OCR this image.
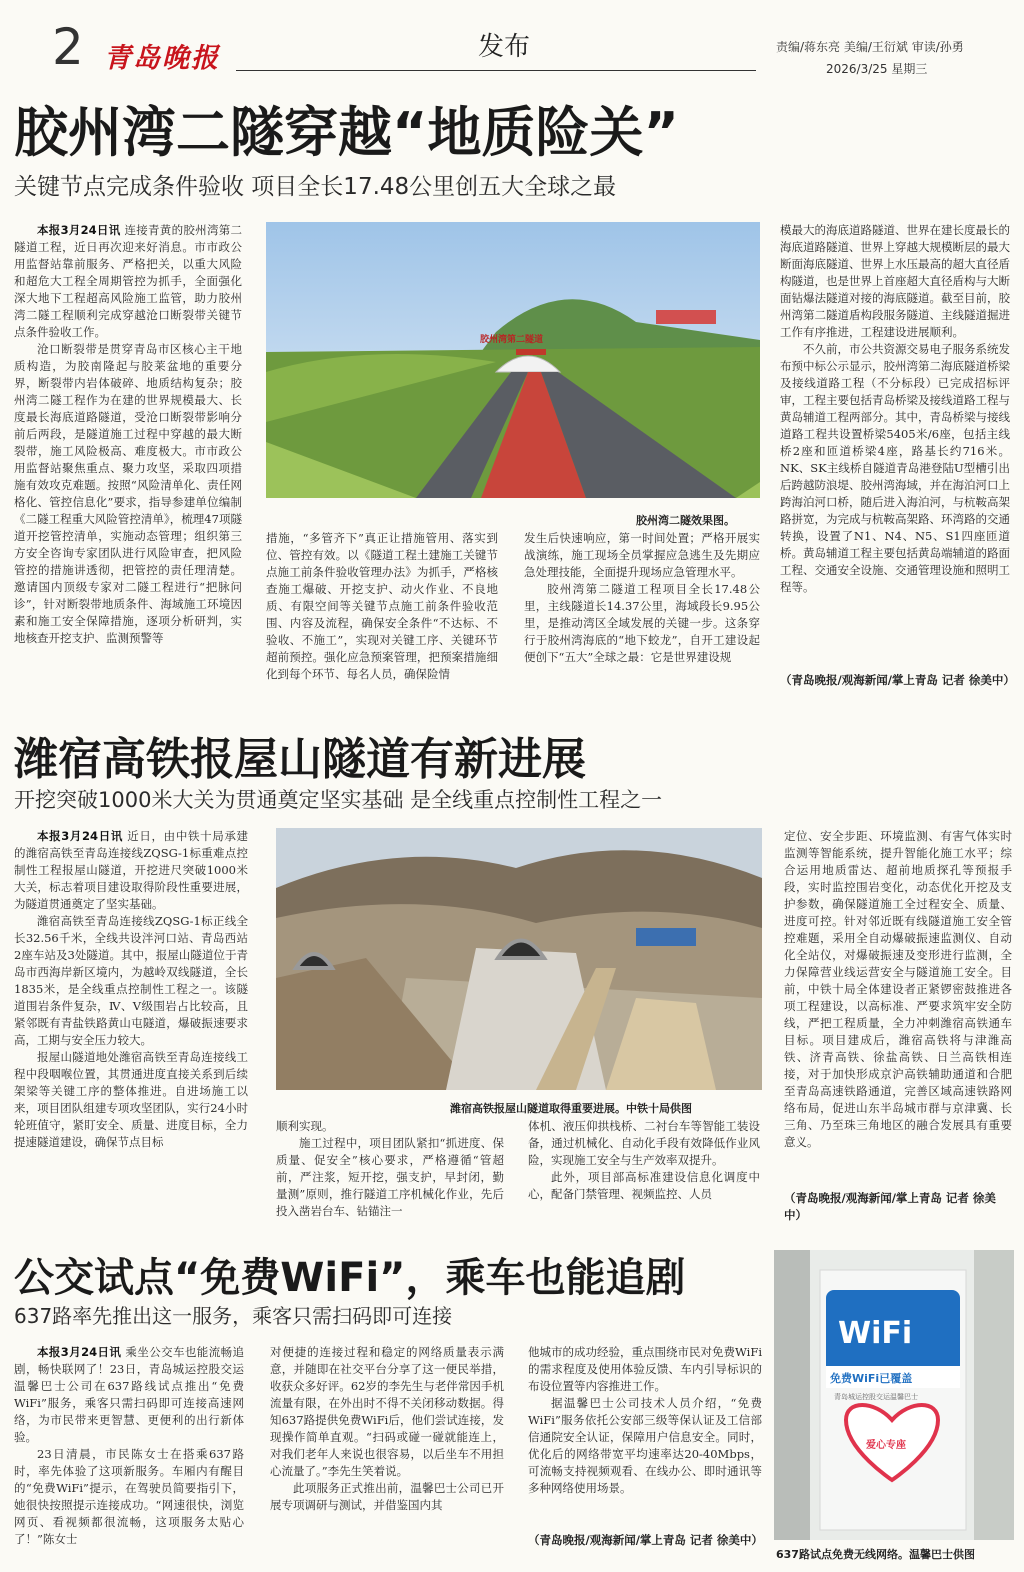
2 青岛晚报	发布	责编/蒋东亮 美编/王衍斌 审读/孙勇
2026/3/25 星期三
胶州湾二隧穿越“地质险关”
关键节点完成条件验收 项目全长17.48公里创五大全球之最

本报3月24日讯 连接青黄的胶州湾第二隧道工程，近日再次迎来好消息。市市政公用监督站靠前服务、严格把关，以重大风险和超危大工程全周期管控为抓手，全面强化深大地下工程超高风险施工监管，助力胶州湾二隧工程顺利完成穿越沧口断裂带关键节点条件验收工作。

沧口断裂带是贯穿青岛市区核心主干地质构造，为胶南隆起与胶莱盆地的重要分界，断裂带内岩体破碎、地质结构复杂；胶州湾二隧工程作为在建的世界规模最大、长度最长海底道路隧道，受沧口断裂带影响分前后两段，是隧道施工过程中穿越的最大断裂带，施工风险极高、难度极大。市市政公用监督站聚焦重点、聚力攻坚，采取四项措施有效攻克难题。按照“风险清单化、责任网格化、管控信息化”要求，指导参建单位编制《二隧工程重大风险管控清单》，梳理47项隧道开挖管控清单，实施动态管理；组织第三方安全咨询专家团队进行风险审查，把风险管控的措施讲透彻，把管控的责任理清楚。邀请国内顶级专家对二隧工程进行“把脉问诊”，针对断裂带地质条件、海域施工环境因素和施工安全保障措施，逐项分析研判，实地核查开挖支护、监测预警等

胶州湾第二隧道
胶州湾二隧效果图。

措施，“多管齐下”真正让措施管用、落实到位、管控有效。以《隧道工程土建施工关键节点施工前条件验收管理办法》为抓手，严格核查施工爆破、开挖支护、动火作业、不良地质、有限空间等关键节点施工前条件验收范围、内容及流程，确保安全条件“不达标、不验收、不施工”，实现对关键工序、关键环节超前预控。强化应急预案管理，把预案措施细化到每个环节、每名人员，确保险情

发生后快速响应，第一时间处置；严格开展实战演练，施工现场全员掌握应急逃生及先期应急处理技能，全面提升现场应急管理水平。

胶州湾第二隧道工程项目全长17.48公里，主线隧道长14.37公里，海域段长9.95公里，是推动湾区全域发展的关键一步。这条穿行于胶州湾海底的“地下蛟龙”，自开工建设起便创下“五大”全球之最：它是世界建设规

模最大的海底道路隧道、世界在建长度最长的海底道路隧道、世界上穿越大规模断层的最大断面海底隧道、世界上水压最高的超大直径盾构隧道，也是世界上首座超大直径盾构与大断面钻爆法隧道对接的海底隧道。截至目前，胶州湾第二隧道盾构段服务隧道、主线隧道掘进工作有序推进，工程建设进展顺利。

不久前，市公共资源交易电子服务系统发布预中标公示显示，胶州湾第二海底隧道桥梁及接线道路工程（不分标段）已完成招标评审，工程主要包括青岛桥梁及接线道路工程与黄岛辅道工程两部分。其中，青岛桥梁与接线道路工程共设置桥梁5405米/6座，包括主线桥2座和匝道桥梁4座，路基长约716米。NK、SK主线桥自隧道青岛港登陆U型槽引出后跨越防浪堤、胶州湾海域，并在海泊河口上跨海泊河口桥，随后进入海泊河，与杭鞍高架路拼宽，为完成与杭鞍高架路、环湾路的交通转换，设置了N1、N4、N5、S1四座匝道桥。黄岛辅道工程主要包括黄岛端辅道的路面工程、交通安全设施、交通管理设施和照明工程等。

（青岛晚报/观海新闻/掌上青岛 记者 徐美中）
潍宿高铁报屋山隧道有新进展
开挖突破1000米大关为贯通奠定坚实基础 是全线重点控制性工程之一

本报3月24日讯 近日，由中铁十局承建的潍宿高铁至青岛连接线ZQSG-1标重难点控制性工程报屋山隧道，开挖进尺突破1000米大关，标志着项目建设取得阶段性重要进展，为隧道贯通奠定了坚实基础。

潍宿高铁至青岛连接线ZQSG-1标正线全长32.56千米，全线共设泮河口站、青岛西站2座车站及3处隧道。其中，报屋山隧道位于青岛市西海岸新区境内，为越岭双线隧道，全长1835米，是全线重点控制性工程之一。该隧道围岩条件复杂，Ⅳ、Ⅴ级围岩占比较高，且紧邻既有青盐铁路黄山屯隧道，爆破振速要求高，工期与安全压力较大。

报屋山隧道地处潍宿高铁至青岛连接线工程中段咽喉位置，其贯通进度直接关系到后续架梁等关键工序的整体推进。自进场施工以来，项目团队组建专项攻坚团队，实行24小时轮班值守，紧盯安全、质量、进度目标，全力提速隧道建设，确保节点目标

潍宿高铁报屋山隧道取得重要进展。中铁十局供图

顺利实现。

施工过程中，项目团队紧扣“抓进度、保质量、促安全”核心要求，严格遵循“管超前，严注浆，短开挖，强支护，早封闭，勤量测”原则，推行隧道工序机械化作业，先后投入凿岩台车、钻锚注一

体机、液压仰拱栈桥、二衬台车等智能工装设备，通过机械化、自动化手段有效降低作业风险，实现施工安全与生产效率双提升。

此外，项目部高标准建设信息化调度中心，配备门禁管理、视频监控、人员

定位、安全步距、环境监测、有害气体实时监测等智能系统，提升智能化施工水平；综合运用地质雷达、超前地质探孔等预报手段，实时监控围岩变化，动态优化开挖及支护参数，确保隧道施工全过程安全、质量、进度可控。针对邻近既有线隧道施工安全管控难题，采用全自动爆破振速监测仪、自动化全站仪，对爆破振速及变形进行监测，全力保障营业线运营安全与隧道施工安全。目前，中铁十局全体建设者正紧锣密鼓推进各项工程建设，以高标准、严要求筑牢安全防线，严把工程质量，全力冲刺潍宿高铁通车目标。项目建成后，潍宿高铁将与津潍高铁、济青高铁、徐盐高铁、日兰高铁相连接，对于加快形成京沪高铁辅助通道和合肥至青岛高速铁路通道，完善区域高速铁路网络布局，促进山东半岛城市群与京津冀、长三角、乃至珠三角地区的融合发展具有重要意义。

（青岛晚报/观海新闻/掌上青岛 记者 徐美中）
公交试点“免费WiFi”，乘车也能追剧
637路率先推出这一服务，乘客只需扫码即可连接

本报3月24日讯 乘坐公交车也能流畅追剧，畅快联网了！23日，青岛城运控股交运温馨巴士公司在637路线试点推出“免费WiFi”服务，乘客只需扫码即可连接高速网络，为市民带来更智慧、更便利的出行新体验。

23日清晨，市民陈女士在搭乘637路时，率先体验了这项新服务。车厢内有醒目的“免费WiFi”提示，在驾驶员简要指引下，她很快按照提示连接成功。“网速很快，浏览网页、看视频都很流畅，这项服务太贴心了！”陈女士

对便捷的连接过程和稳定的网络质量表示满意，并随即在社交平台分享了这一便民举措，收获众多好评。62岁的李先生与老伴常因手机流量有限，在外出时不得不关闭移动数据。得知637路提供免费WiFi后，他们尝试连接，发现操作简单直观。“扫码或碰一碰就能连上，对我们老年人来说也很容易，以后坐车不用担心流量了。”李先生笑着说。

此项服务正式推出前，温馨巴士公司已开展专项调研与测试，并借鉴国内其

他城市的成功经验，重点围绕市民对免费WiFi的需求程度及使用体验反馈、车内引导标识的布设位置等内容推进工作。

据温馨巴士公司技术人员介绍，“免费WiFi”服务依托公安部三级等保认证及工信部信通院安全认证，保障用户信息安全。同时，优化后的网络带宽平均速率达20-40Mbps，可流畅支持视频观看、在线办公、即时通讯等多种网络使用场景。

（青岛晚报/观海新闻/掌上青岛 记者 徐美中）
WiFi
免费WiFi已覆盖
青岛城运控股交运温馨巴士
爱心专座
637路试点免费无线网络。温馨巴士供图
